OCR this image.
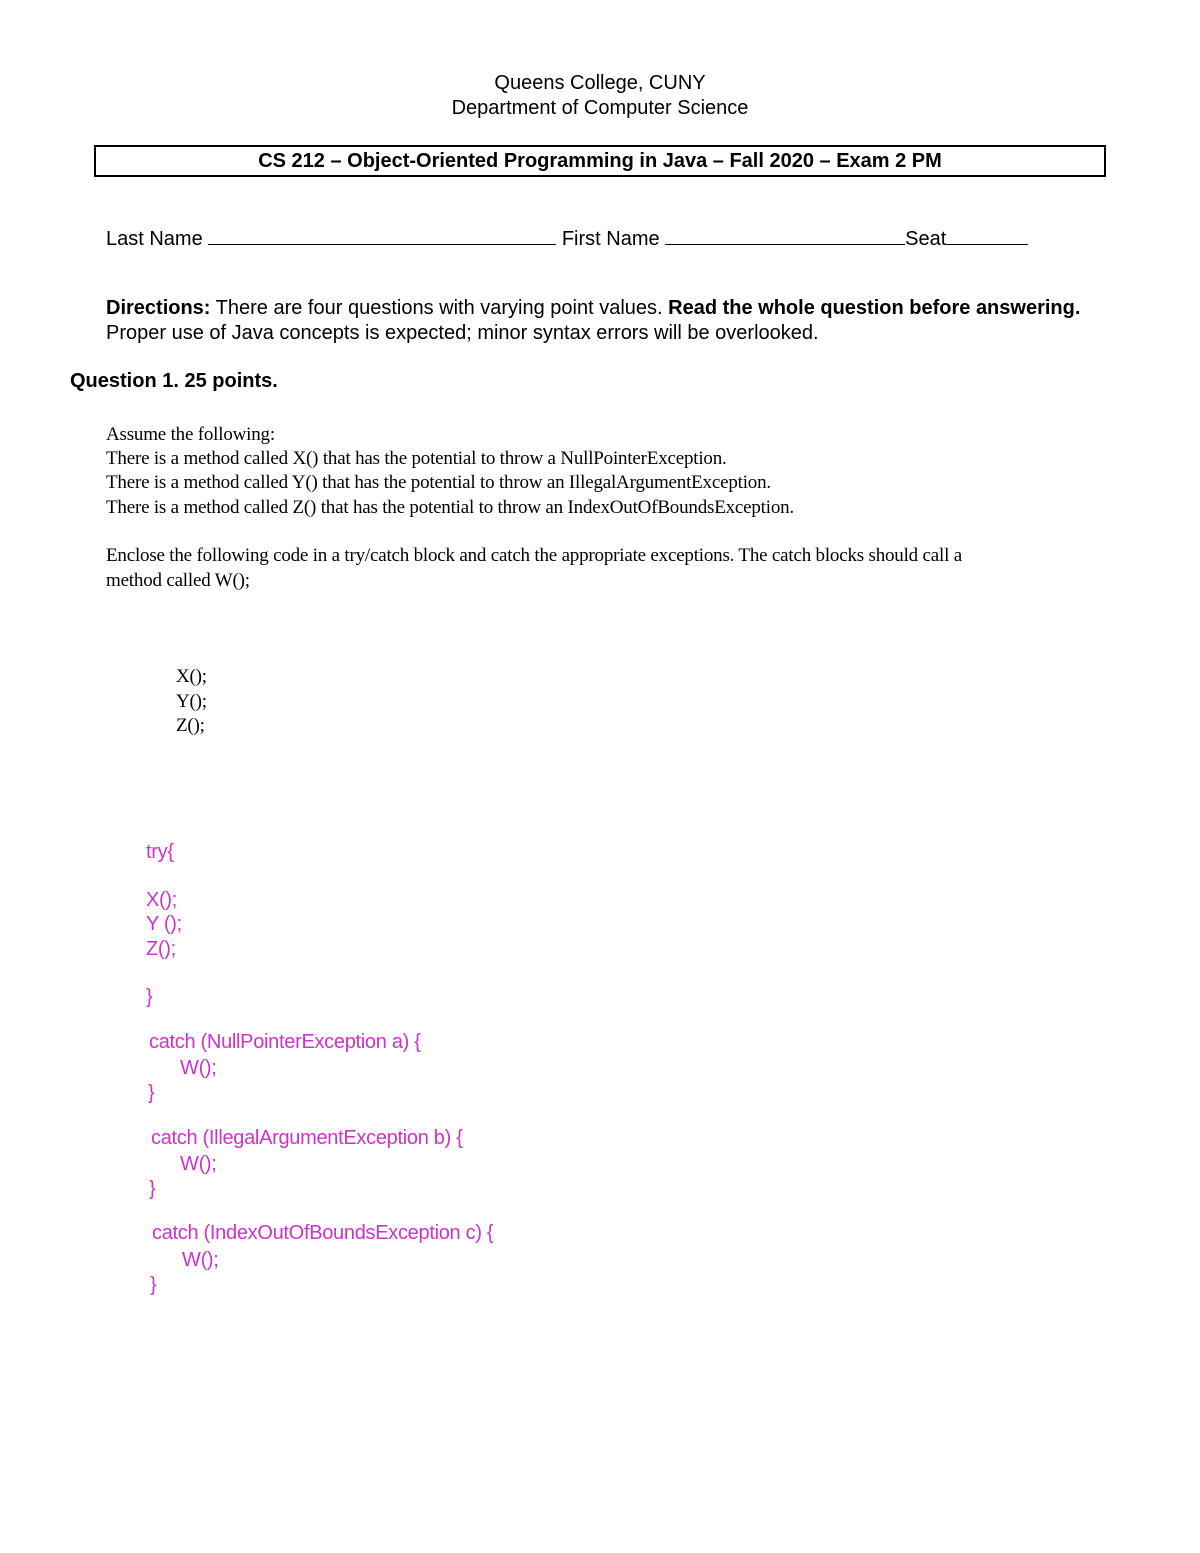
Queens College, CUNY
Department of Computer Science
CS 212 – Object-Oriented Programming in Java – Fall 2020 – Exam 2 PM
Last Name	First Name	Seat
Directions: There are four questions with varying point values. Read the whole question before answering. Proper use of Java concepts is expected; minor syntax errors will be overlooked.
Question 1. 25 points.
Assume the following:
There is a method called X() that has the potential to throw a NullPointerException.
There is a method called Y() that has the potential to throw an IllegalArgumentException.
There is a method called Z() that has the potential to throw an IndexOutOfBoundsException.
Enclose the following code in a try/catch block and catch the appropriate exceptions. The catch blocks should call a
method called W();
X();
Y();
Z();
try{
X();
Y ();
Z();
}
catch (NullPointerException a) {
W();
}
catch (IllegalArgumentException b) {
W();
}
catch (IndexOutOfBoundsException c) {
W();
}
